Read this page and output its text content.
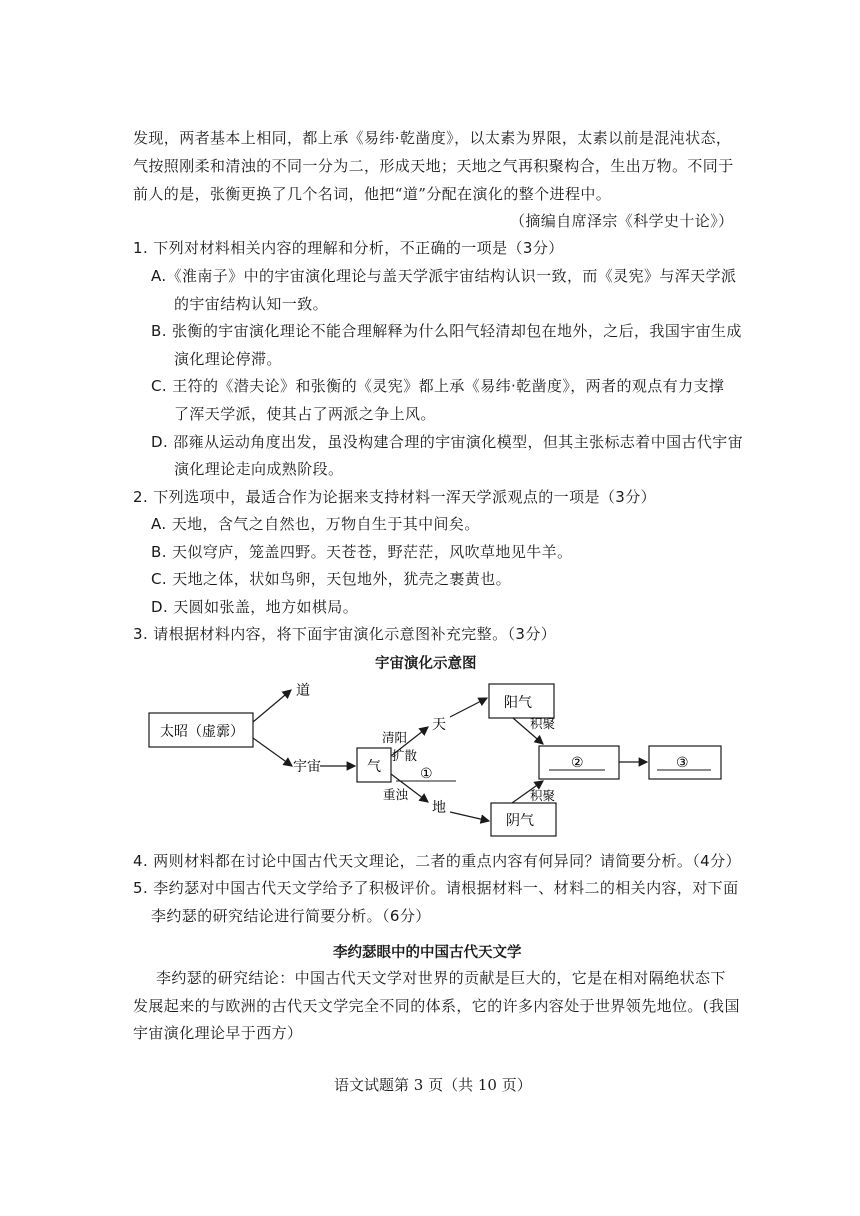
发现，两者基本上相同，都上承《易纬·乾凿度》，以太素为界限，太素以前是混沌状态，
气按照刚柔和清浊的不同一分为二，形成天地；天地之气再积聚构合，生出万物。不同于
前人的是，张衡更换了几个名词，他把“道”分配在演化的整个进程中。
（摘编自席泽宗《科学史十论》）
1. 下列对材料相关内容的理解和分析，不正确的一项是（3分）
A.《淮南子》中的宇宙演化理论与盖天学派宇宙结构认识一致，而《灵宪》与浑天学派
的宇宙结构认知一致。
B. 张衡的宇宙演化理论不能合理解释为什么阳气轻清却包在地外，之后，我国宇宙生成
演化理论停滞。
C. 王符的《潜夫论》和张衡的《灵宪》都上承《易纬·乾凿度》，两者的观点有力支撑
了浑天学派，使其占了两派之争上风。
D. 邵雍从运动角度出发，虽没构建合理的宇宙演化模型，但其主张标志着中国古代宇宙
演化理论走向成熟阶段。
2. 下列选项中，最适合作为论据来支持材料一浑天学派观点的一项是（3分）
A. 天地，含气之自然也，万物自生于其中间矣。
B. 天似穹庐，笼盖四野。天苍苍，野茫茫，风吹草地见牛羊。
C. 天地之体，状如鸟卵，天包地外，犹壳之裹黄也。
D. 天圆如张盖，地方如棋局。
3. 请根据材料内容，将下面宇宙演化示意图补充完整。（3分）
宇宙演化示意图
太昭（虚霩）
道
宇宙	气
清阳
扩散
①
重浊
天
地
阳气
阴气
积聚
积聚
②	③
4. 两则材料都在讨论中国古代天文理论，二者的重点内容有何异同？请简要分析。（4分）
5. 李约瑟对中国古代天文学给予了积极评价。请根据材料一、材料二的相关内容，对下面
李约瑟的研究结论进行简要分析。（6分）
李约瑟眼中的中国古代天文学
李约瑟的研究结论：中国古代天文学对世界的贡献是巨大的，它是在相对隔绝状态下
发展起来的与欧洲的古代天文学完全不同的体系，它的许多内容处于世界领先地位。(我国
宇宙演化理论早于西方）
语文试题第 3 页（共 10 页）
